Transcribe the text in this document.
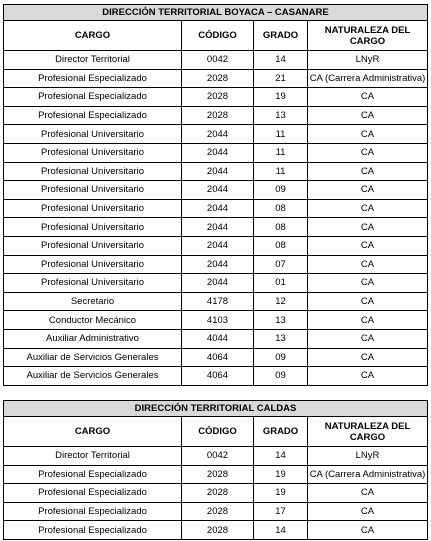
DIRECCIÓN TERRITORIAL BOYACA – CASANARE			
CARGO	CÓDIGO	GRADO	NATURALEZA DEL CARGO
Director Territorial	0042	14	LNyR
Profesional Especializado	2028	21	CA (Carrera Administrativa)
Profesional Especializado	2028	19	CA
Profesional Especializado	2028	13	CA
Profesional Universitario	2044	11	CA
Profesional Universitario	2044	11	CA
Profesional Universitario	2044	11	CA
Profesional Universitario	2044	09	CA
Profesional Universitario	2044	08	CA
Profesional Universitario	2044	08	CA
Profesional Universitario	2044	08	CA
Profesional Universitario	2044	07	CA
Profesional Universitario	2044	01	CA
Secretario	4178	12	CA
Conductor Mecánico	4103	13	CA
Auxiliar Administrativo	4044	13	CA
Auxiliar de Servicios Generales	4064	09	CA
Auxiliar de Servicios Generales	4064	09	CA
DIRECCIÓN TERRITORIAL CALDAS			
CARGO	CÓDIGO	GRADO	NATURALEZA DEL CARGO
Director Territorial	0042	14	LNyR
Profesional Especializado	2028	19	CA (Carrera Administrativa)
Profesional Especializado	2028	19	CA
Profesional Especializado	2028	17	CA
Profesional Especializado	2028	14	CA
